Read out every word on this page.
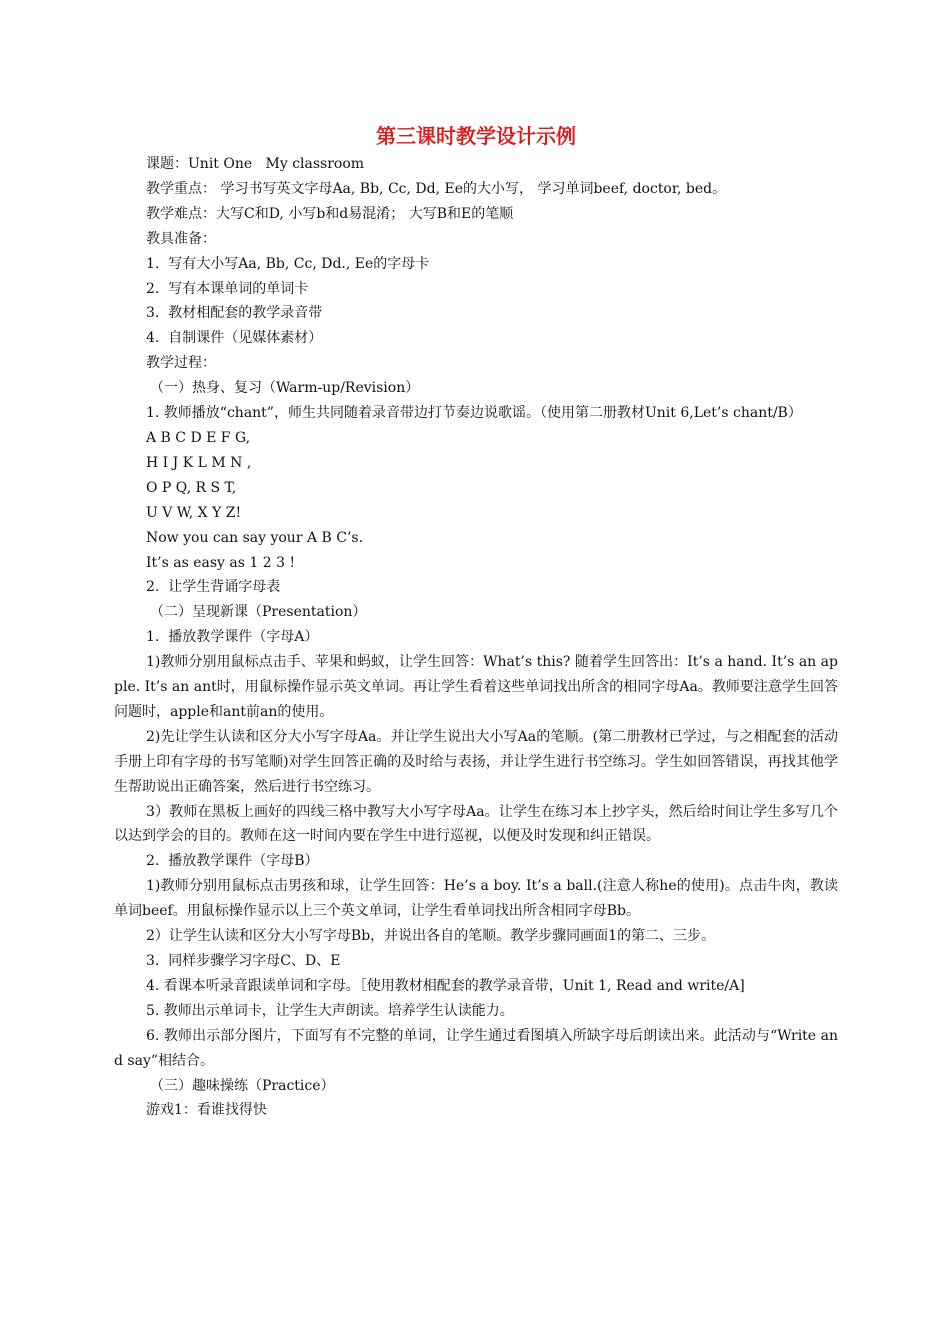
第三课时教学设计示例

课题：Unit One   My classroom

教学重点： 学习书写英文字母Aa, Bb, Cc, Dd, Ee的大小写， 学习单词beef, doctor, bed。

教学难点：大写C和D, 小写b和d易混淆； 大写B和E的笔顺

教具准备：

1.  写有大小写Aa, Bb, Cc, Dd., Ee的字母卡

2.  写有本课单词的单词卡

3.  教材相配套的教学录音带

4.  自制课件（见媒体素材）

教学过程：

（一）热身、复习（Warm-up/Revision）

1. 教师播放“chant”，师生共同随着录音带边打节奏边说歌谣。（使用第二册教材Unit 6,Let’s chant/B）

A B C D E F G,

H I J K L M N ,

O P Q, R S T,

U V W, X Y Z!

Now you can say your A B C’s.

It’s as easy as 1 2 3 !

2.  让学生背诵字母表

（二）呈现新课（Presentation）

1.  播放教学课件（字母A）

1)教师分别用鼠标点击手、苹果和蚂蚁，让学生回答：What’s this? 随着学生回答出：It’s a hand. It’s an apple. It’s an ant时，用鼠标操作显示英文单词。再让学生看着这些单词找出所含的相同字母Aa。教师要注意学生回答问题时，apple和ant前an的使用。

2)先让学生认读和区分大小写字母Aa。并让学生说出大小写Aa的笔顺。(第二册教材已学过，与之相配套的活动手册上印有字母的书写笔顺)对学生回答正确的及时给与表扬，并让学生进行书空练习。学生如回答错误，再找其他学生帮助说出正确答案，然后进行书空练习。

3）教师在黑板上画好的四线三格中教写大小写字母Aa。让学生在练习本上抄字头，然后给时间让学生多写几个以达到学会的目的。教师在这一时间内要在学生中进行巡视，以便及时发现和纠正错误。

2.  播放教学课件（字母B）

1)教师分别用鼠标点击男孩和球，让学生回答：He’s a boy. It’s a ball.(注意人称he的使用)。点击牛肉，教读单词beef。用鼠标操作显示以上三个英文单词，让学生看单词找出所含相同字母Bb。

2）让学生认读和区分大小写字母Bb，并说出各自的笔顺。教学步骤同画面1的第二、三步。

3.  同样步骤学习字母C、D、E

4. 看课本听录音跟读单词和字母。［使用教材相配套的教学录音带，Unit 1, Read and write/A]

5. 教师出示单词卡，让学生大声朗读。培养学生认读能力。

6. 教师出示部分图片，下面写有不完整的单词，让学生通过看图填入所缺字母后朗读出来。此活动与“Write and say”相结合。

（三）趣味操练（Practice）

游戏1：看谁找得快
